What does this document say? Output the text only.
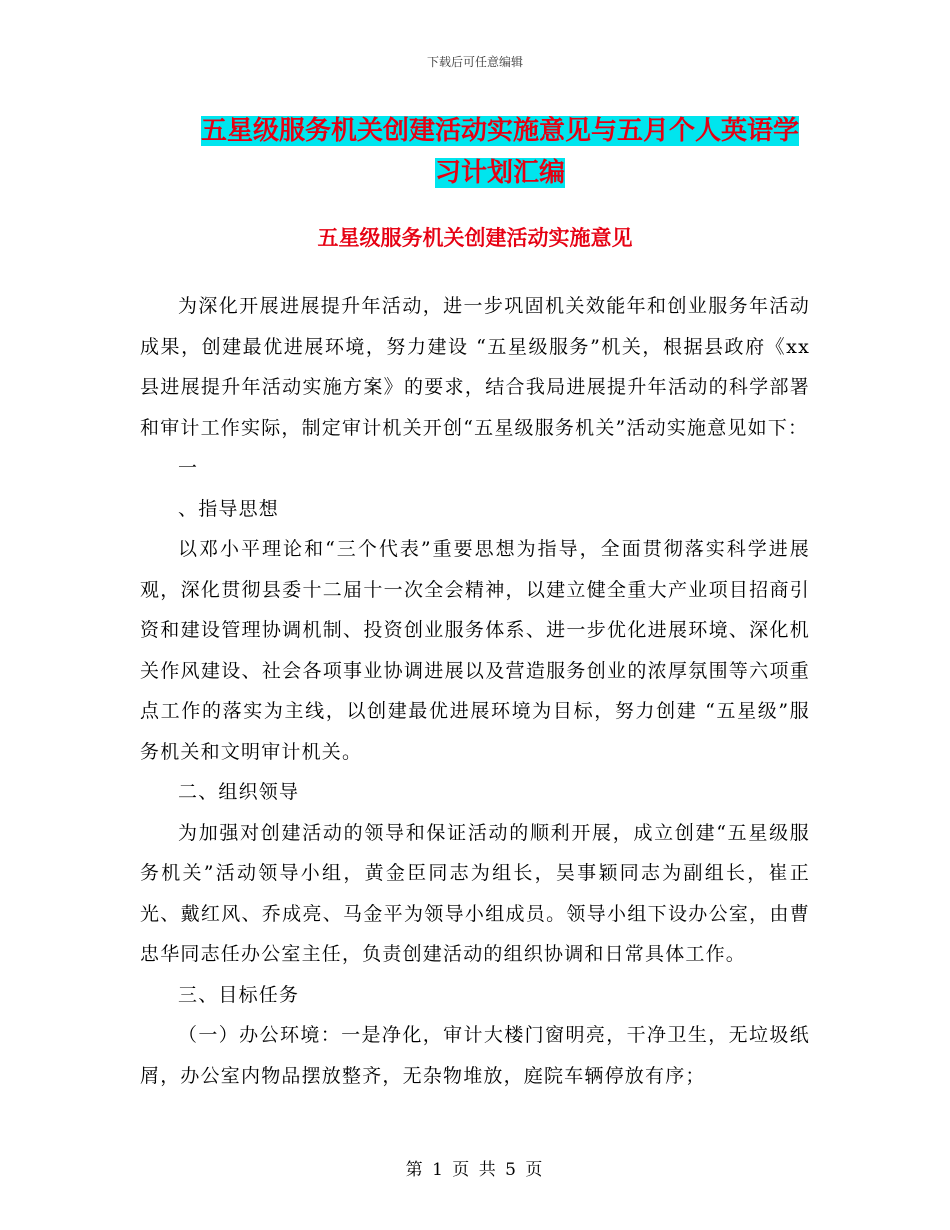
下载后可任意编辑
五星级服务机关创建活动实施意见与五月个人英语学
习计划汇编
五星级服务机关创建活动实施意见

为深化开展进展提升年活动，进一步巩固机关效能年和创业服务年活动成果，创建最优进展环境，努力建设 “五星级服务”机关，根据县政府《xx县进展提升年活动实施方案》的要求，结合我局进展提升年活动的科学部署和审计工作实际，制定审计机关开创“五星级服务机关”活动实施意见如下：

一

、指导思想

以邓小平理论和“三个代表”重要思想为指导，全面贯彻落实科学进展观，深化贯彻县委十二届十一次全会精神，以建立健全重大产业项目招商引资和建设管理协调机制、投资创业服务体系、进一步优化进展环境、深化机关作风建设、社会各项事业协调进展以及营造服务创业的浓厚氛围等六项重点工作的落实为主线，以创建最优进展环境为目标，努力创建 “五星级”服务机关和文明审计机关。

二、组织领导

为加强对创建活动的领导和保证活动的顺利开展，成立创建“五星级服务机关”活动领导小组，黄金臣同志为组长，吴事颖同志为副组长，崔正光、戴红风、乔成亮、马金平为领导小组成员。领导小组下设办公室，由曹忠华同志任办公室主任，负责创建活动的组织协调和日常具体工作。

三、目标任务

（一）办公环境：一是净化，审计大楼门窗明亮，干净卫生，无垃圾纸屑，办公室内物品摆放整齐，无杂物堆放，庭院车辆停放有序；

第 1 页 共 5 页
